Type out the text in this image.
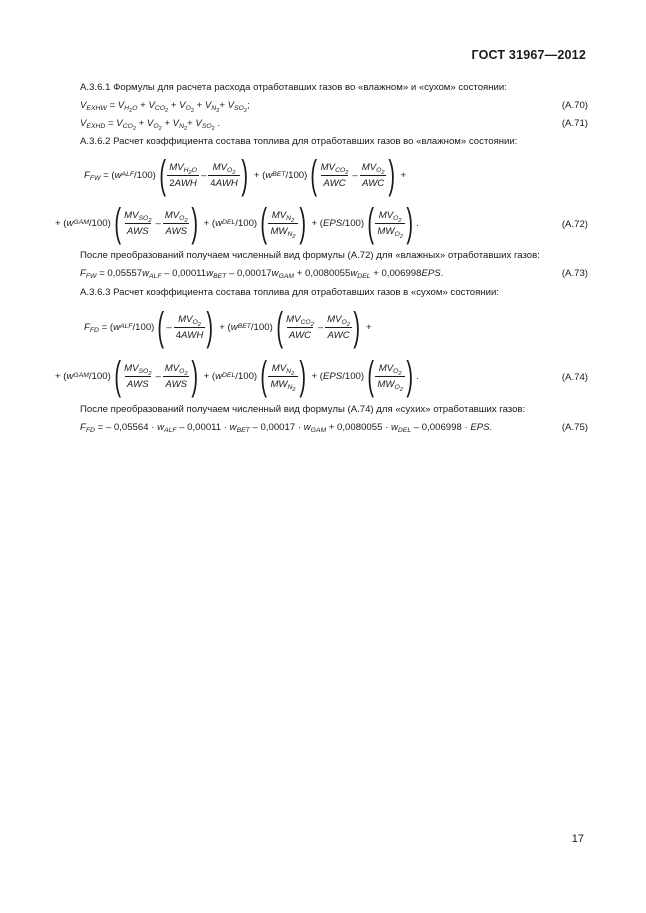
ГОСТ 31967—2012
А.3.6.1 Формулы для расчета расхода отработавших газов во «влажном» и «сухом» состоянии:
$V_{EXHW} = V_{H_2O} + V_{CO_2} + V_{O_2} + V_{N_2}+ V_{SO_2}$;	(А.70)
$V_{EXHD} = V_{CO_2} + V_{O_2} + V_{N_2}+ V_{SO_2}$ .	(А.71)
А.3.6.2 Расчет коэффициента состава топлива для отработавших газов во «влажном» состоянии:
$F_{FW}$ = ( w ALF /100) ( $\frac{MV_{H_2O}}{\text{2AWH}} - \frac{MV_{O_2}}{\text{4AWH}}$
) + ( w BET /100) ( $\frac{MV_{CO_2}}{\text{AWC}} - \frac{MV_{O_2}}{\text{AWC}}$
) +
+ ( w GAM /100) ( $\frac{MV_{SO_2}}{\text{AWS}} - \frac{MV_{O_2}}{\text{AWS}}$
) + ( w DEL /100) ( $\frac{MV_{N_2}}{MW_{N_2}}$
) + ( EPS /100) ( $\frac{MV_{O_2}}{MW_{O_2}}$
) .	(А.72)
После преобразований получаем численный вид формулы (А.72) для «влажных» отработавших газов:
$F_{FW} = 0,05557w_{ALF} - 0,00011w_{BET} - 0,00017w_{GAM} + 0,0080055w_{DEL} + 0,006998EPS$.	(А.73)
А.3.6.3 Расчет коэффициента состава топлива для отработавших газов в «сухом» состоянии:
$F_{FD}$ = ( w ALF /100) (  – $\frac{MV_{O_2}}{\text{4AWH}}$
) + ( w BET /100) ( $\frac{MV_{CO_2}}{\text{AWC}} - \frac{MV_{O_2}}{\text{AWC}}$
) +
+ ( w GAM /100) ( $\frac{MV_{SO_2}}{\text{AWS}} - \frac{MV_{O_2}}{\text{AWS}}$
) + ( w DEL /100) ( $\frac{MV_{N_2}}{MW_{N_2}}$
) + ( EPS /100) ( $\frac{MV_{O_2}}{MW_{O_2}}$
) .	(А.74)
После преобразований получаем численный вид формулы (А.74) для «сухих» отработавших газов:
$F_{FD}$ = – $0,05564 \cdot w_{ALF} - 0,00011 \cdot w_{BET} - 0,00017 \cdot w_{GAM} + 0,0080055 \cdot w_{DEL} - 0,006998$ · EPS.	(А.75)
17
